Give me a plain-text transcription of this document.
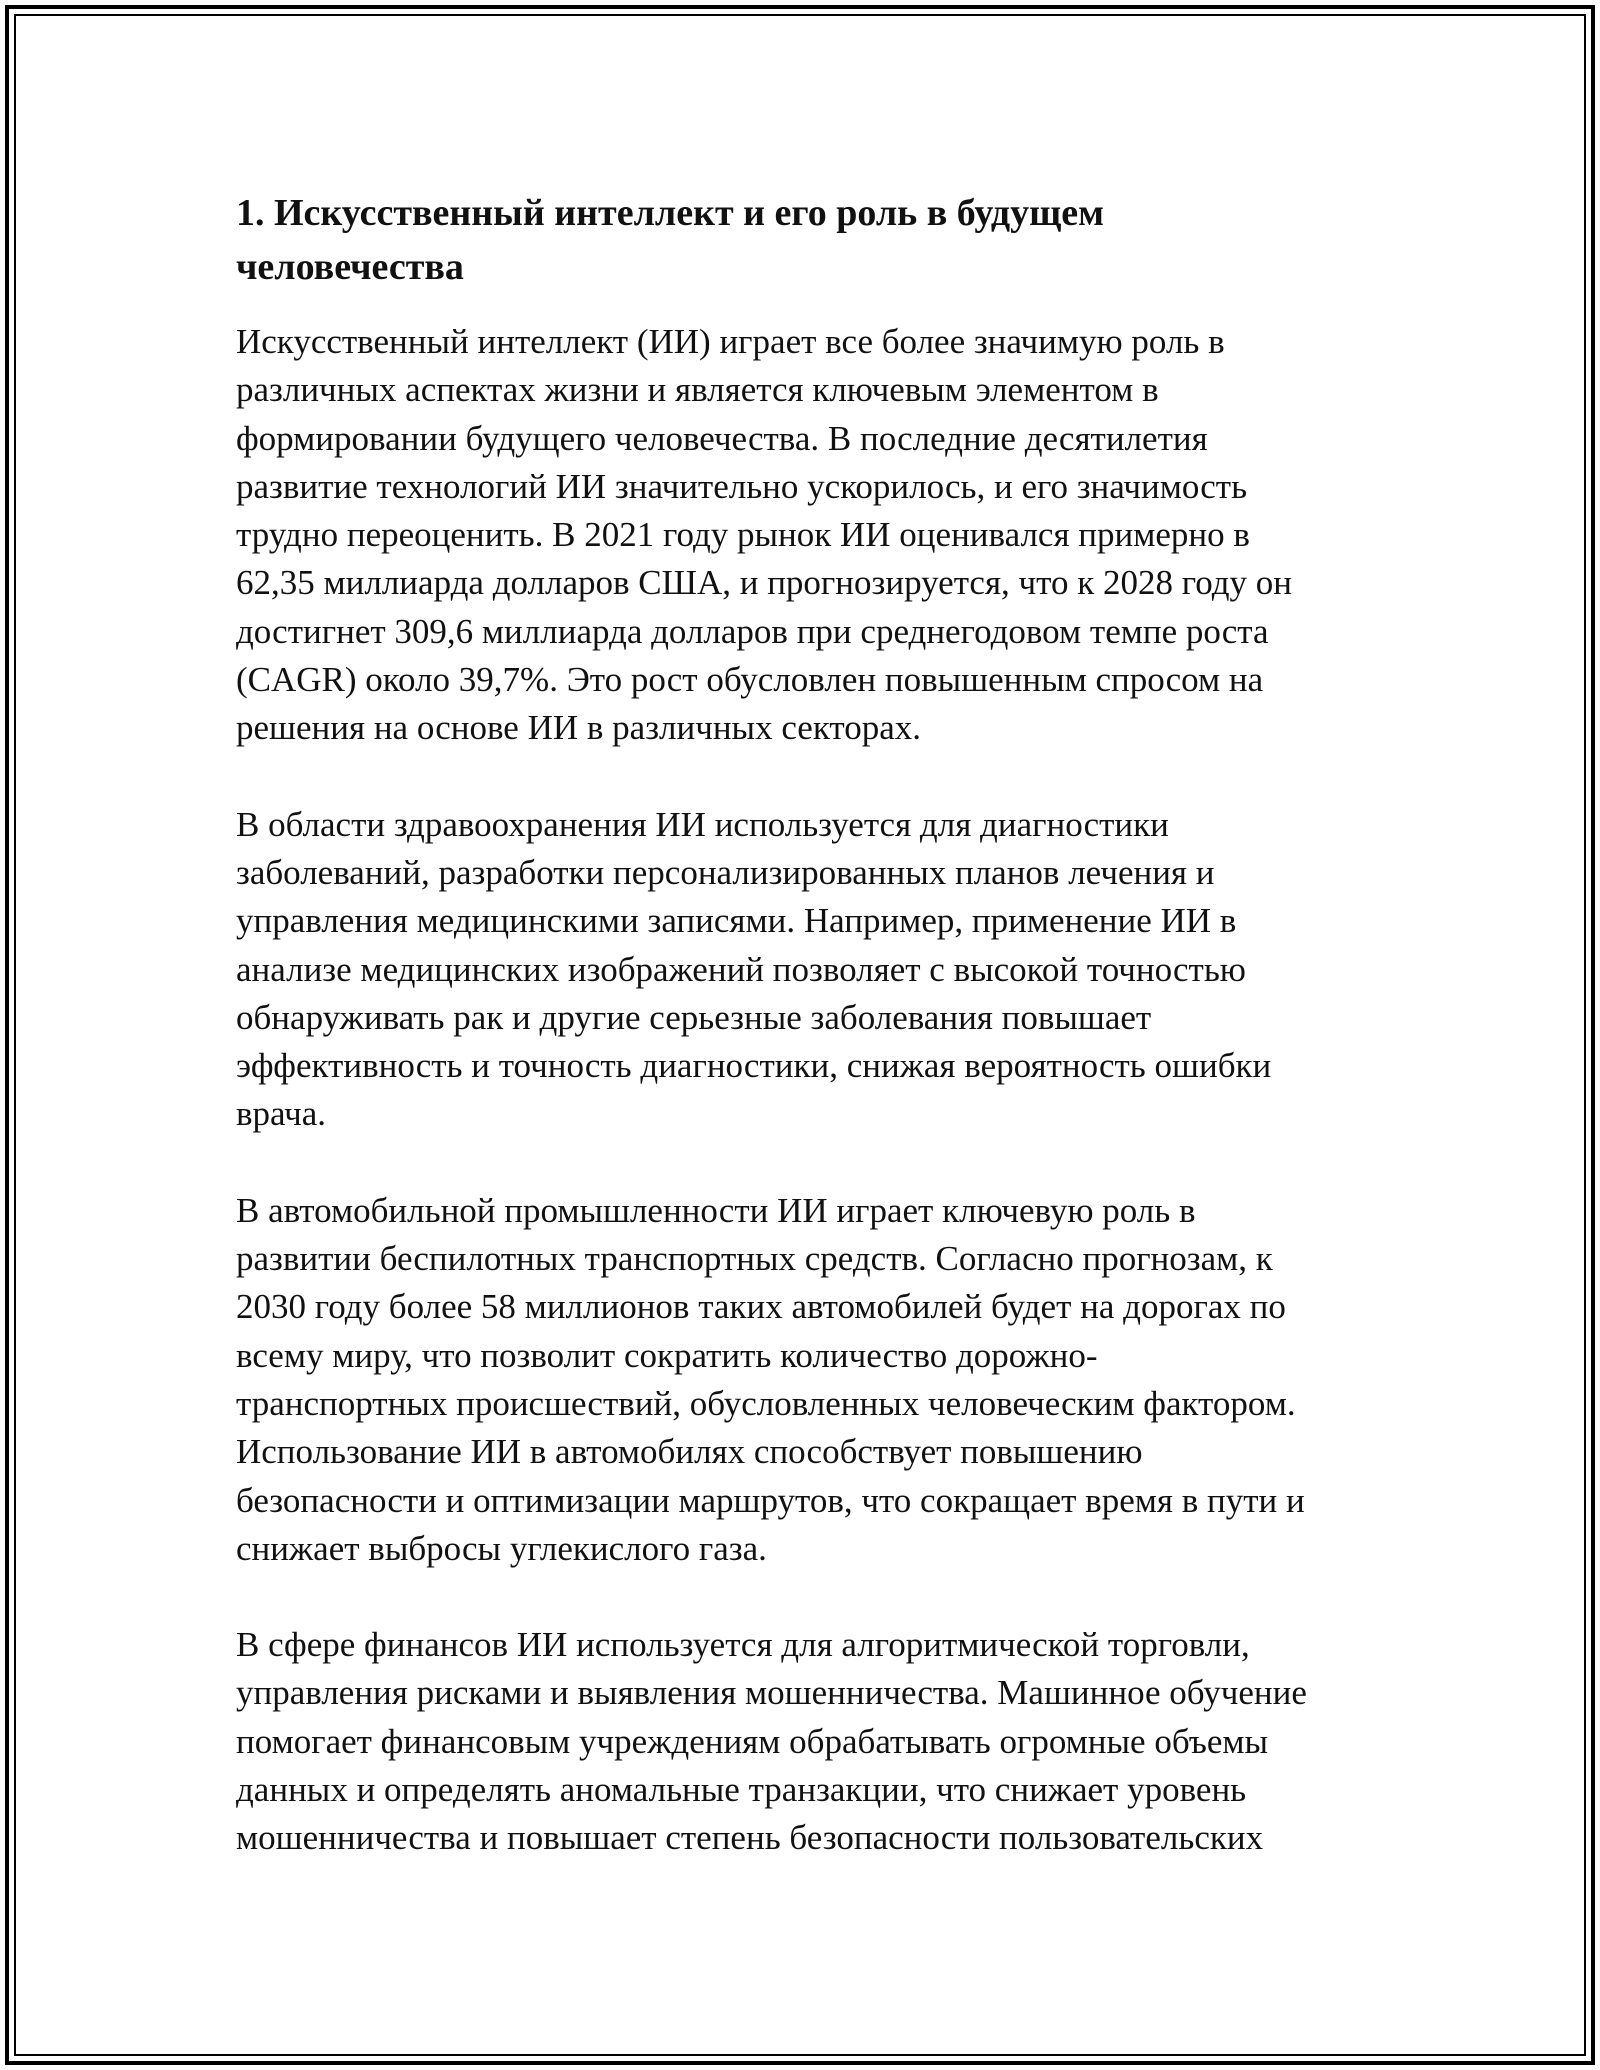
1. Искусственный интеллект и его роль в будущем
человечества

Искусственный интеллект (ИИ) играет все более значимую роль в
различных аспектах жизни и является ключевым элементом в
формировании будущего человечества. В последние десятилетия
развитие технологий ИИ значительно ускорилось, и его значимость
трудно переоценить. В 2021 году рынок ИИ оценивался примерно в
62,35 миллиарда долларов США, и прогнозируется, что к 2028 году он
достигнет 309,6 миллиарда долларов при среднегодовом темпе роста
(CAGR) около 39,7%. Это рост обусловлен повышенным спросом на
решения на основе ИИ в различных секторах.

В области здравоохранения ИИ используется для диагностики
заболеваний, разработки персонализированных планов лечения и
управления медицинскими записями. Например, применение ИИ в
анализе медицинских изображений позволяет с высокой точностью
обнаруживать рак и другие серьезные заболевания повышает
эффективность и точность диагностики, снижая вероятность ошибки
врача.

В автомобильной промышленности ИИ играет ключевую роль в
развитии беспилотных транспортных средств. Согласно прогнозам, к
2030 году более 58 миллионов таких автомобилей будет на дорогах по
всему миру, что позволит сократить количество дорожно-
транспортных происшествий, обусловленных человеческим фактором.
Использование ИИ в автомобилях способствует повышению
безопасности и оптимизации маршрутов, что сокращает время в пути и
снижает выбросы углекислого газа.

В сфере финансов ИИ используется для алгоритмической торговли,
управления рисками и выявления мошенничества. Машинное обучение
помогает финансовым учреждениям обрабатывать огромные объемы
данных и определять аномальные транзакции, что снижает уровень
мошенничества и повышает степень безопасности пользовательских
